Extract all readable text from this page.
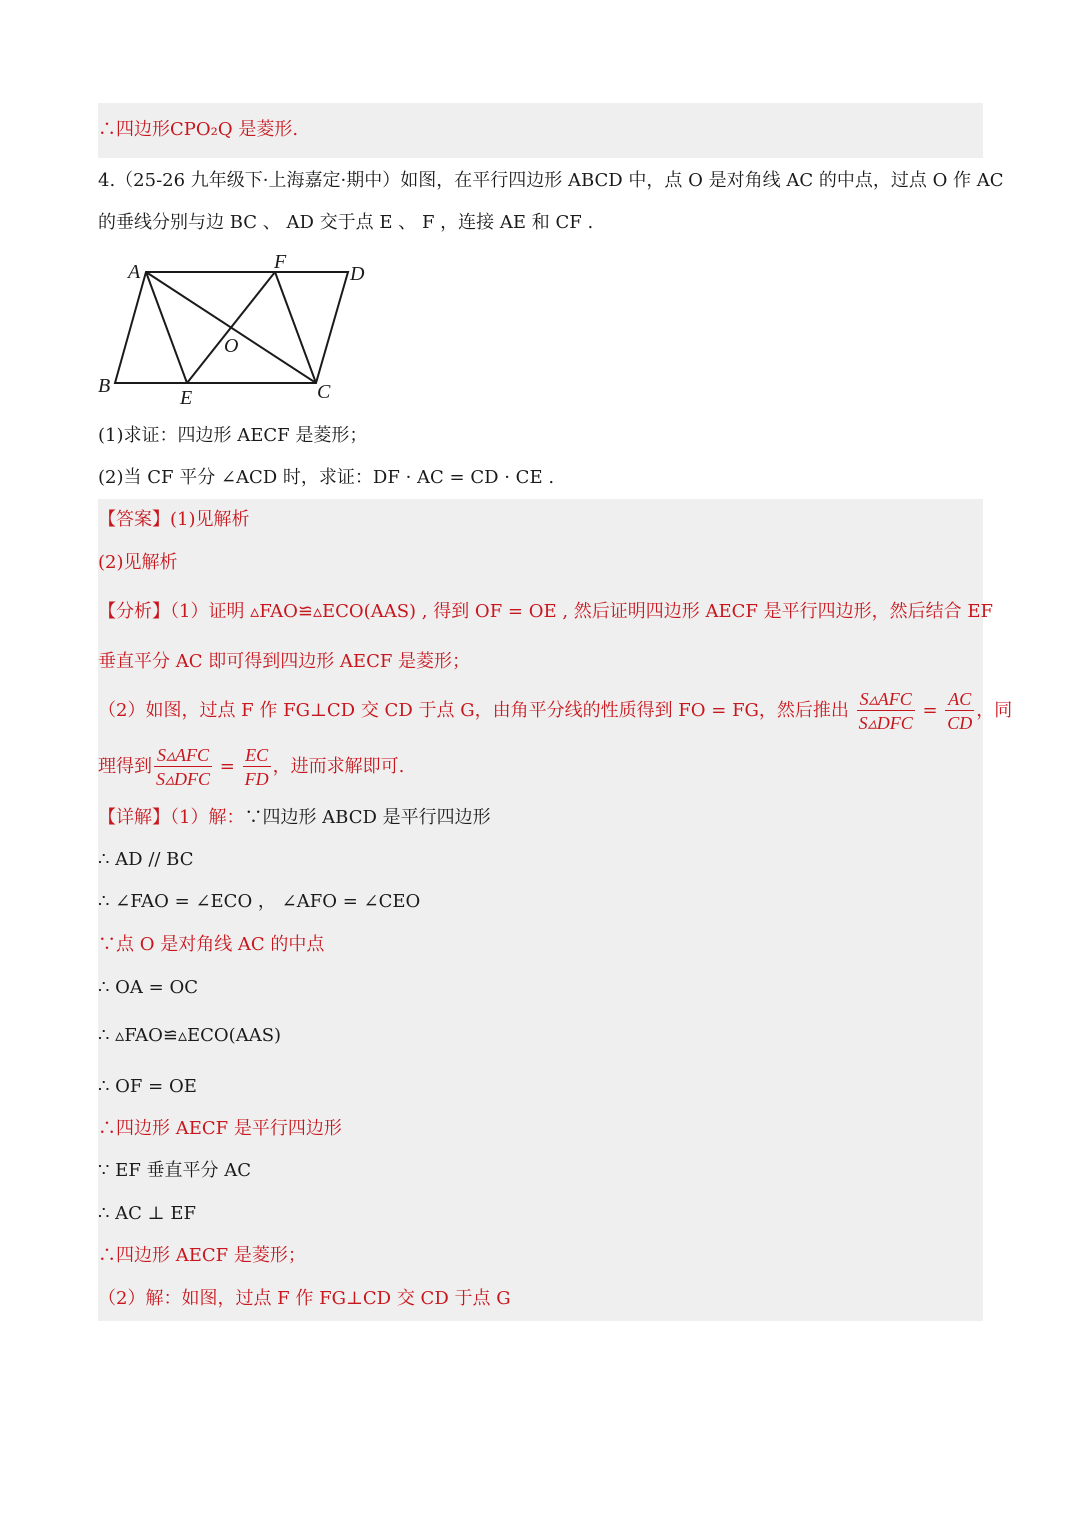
∴四边形CPO₂Q 是菱形.
4.（25-26 九年级下·上海嘉定·期中）如图，在平行四边形 ABCD 中，点 O 是对角线 AC 的中点，过点 O 作 AC
的垂线分别与边 BC 、 AD 交于点 E 、 F ，连接 AE 和 CF .
A	F
D
O
B
E	C
(1)求证：四边形 AECF 是菱形；
(2)当 CF 平分 ∠ACD 时，求证：DF · AC = CD · CE .
【答案】(1)见解析
(2)见解析
【分析】（1）证明 ▵FAO≌▵ECO(AAS) , 得到 OF = OE , 然后证明四边形 AECF 是平行四边形，然后结合 EF
垂直平分 AC 即可得到四边形 AECF 是菱形；
（2）如图，过点 F 作 FG⊥CD 交 CD 于点 G，由角平分线的性质得到 FO = FG，然后推出 $\frac{\text{S▵AFC}}{\text{S▵DFC}} = \frac{AC}{CD}$ ，同
理得到 $\frac{\text{S▵AFC}}{\text{S▵DFC}} = \frac{EC}{FD}$ ，进而求解即可.
【详解】（1）解：∵四边形 ABCD 是平行四边形
∴ AD // BC
∴ ∠FAO = ∠ECO ， ∠AFO = ∠CEO
∵点 O 是对角线 AC 的中点
∴ OA = OC
∴ ▵FAO≌▵ECO(AAS)
∴ OF = OE
∴四边形 AECF 是平行四边形
∵ EF 垂直平分 AC
∴ AC ⊥ EF
∴四边形 AECF 是菱形；
（2）解：如图，过点 F 作 FG⊥CD 交 CD 于点 G
